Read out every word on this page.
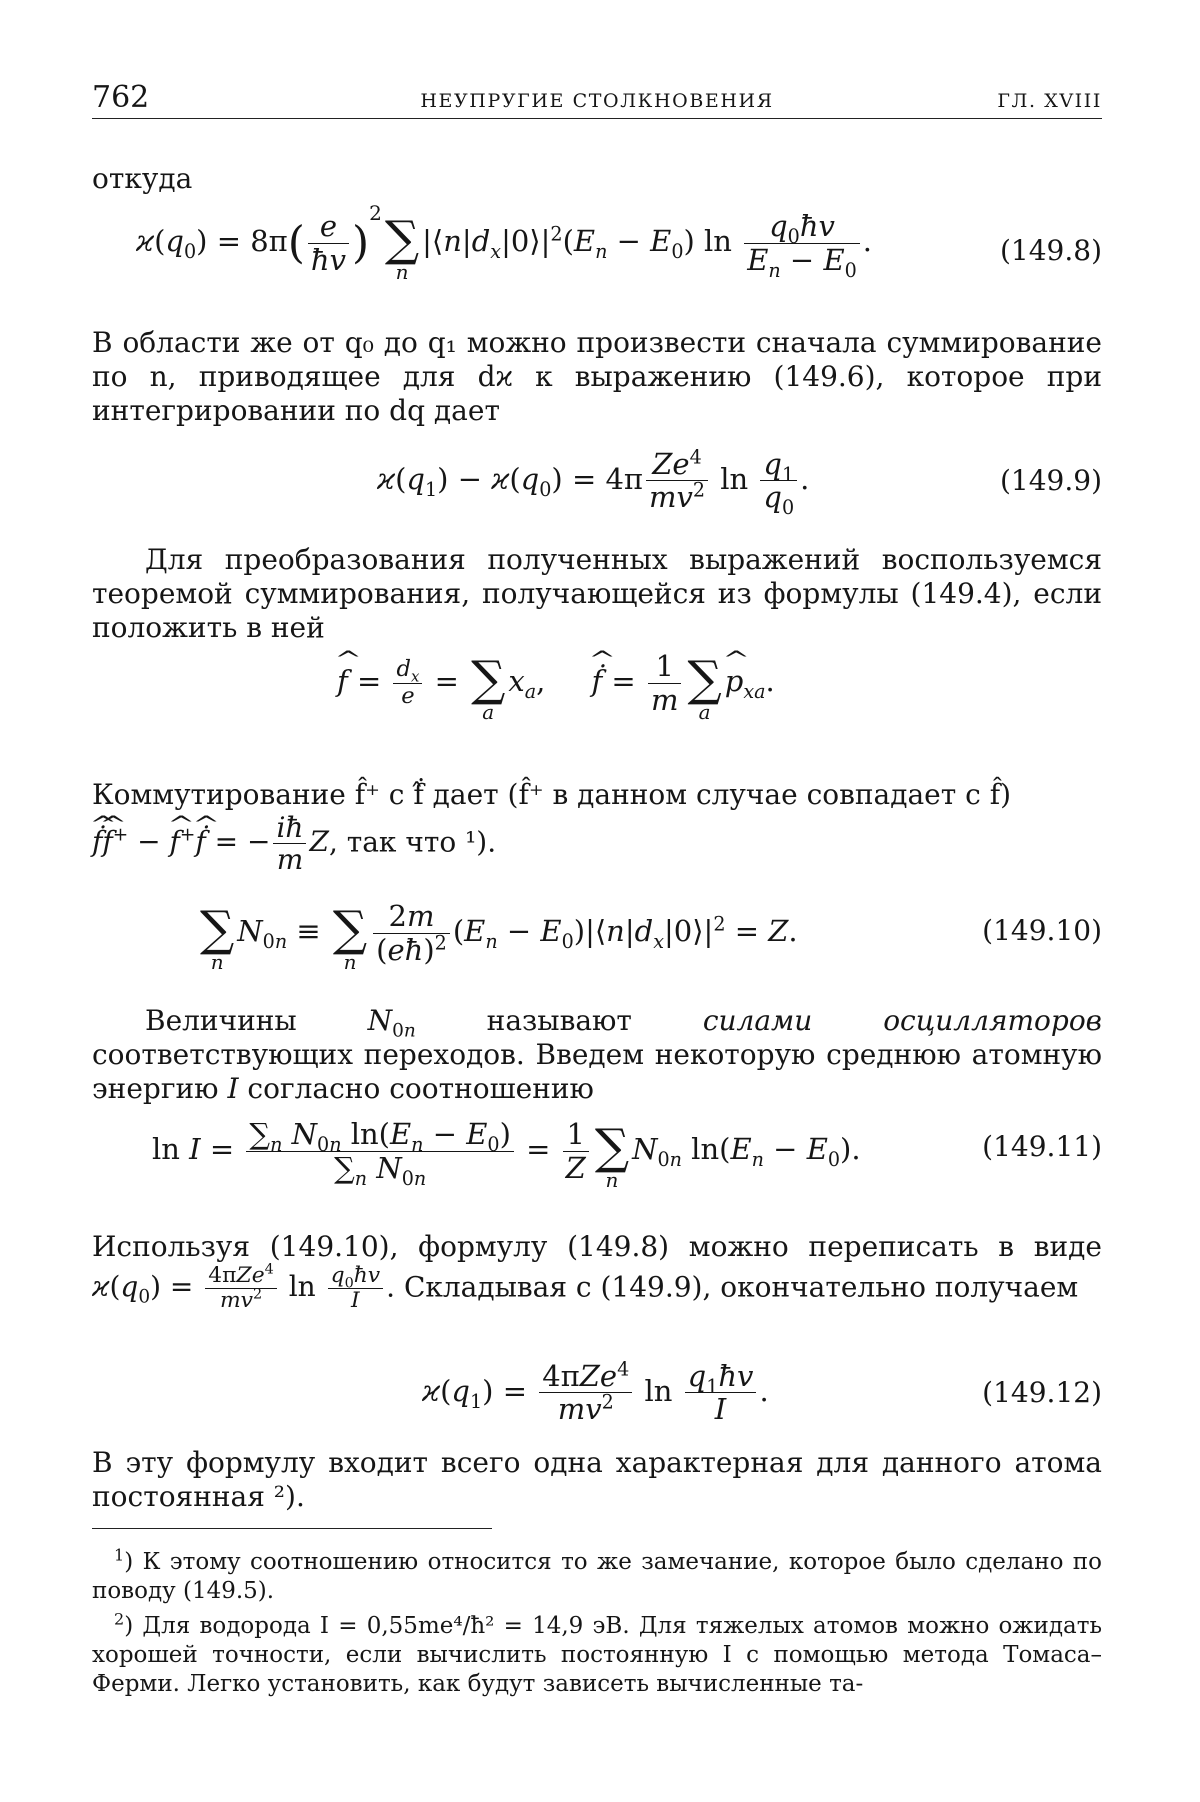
762	НЕУПРУГИЕ СТОЛКНОВЕНИЯ	ГЛ. XVIII
откуда
$ϰ(q_0) = 8\pi( \frac{e}{ħv} )^2$ ∑
n
$|⟨n|d_x|0⟩|^2(E_n - E_0)$ $\ln \frac{q_0ħv}{E_n - E_0}$ .	(149.8)
В области же от q₀ до q₁ можно произвести сначала суммирование по n, приводящее для dϰ к выражению (149.6), которое при интегрировании по dq дает
$ϰ(q_1) - ϰ(q_0) = 4\pi \frac{Ze^4}{mv^2}$ $\ln \frac{q_1}{q_0}$ .	(149.9)
Для преобразования полученных выражений воспользуемся теоремой суммирования, получающейся из формулы (149.4), если положить в ней
^ $f = \frac{d_x}{e}$ = ∑
a
$x_a$,     ^ ḟ = $\frac{1}{m}$ ∑
a
^ $p_{xa}$.
Коммутирование f̂⁺ с ḟ̂ дает (f̂⁺ в данном случае совпадает с f̂)
^ ḟ^ f+ − ^ f+^ ḟ = − $\frac{iħ}{m} Z$, так что ¹).
∑
n
$N_{0n}$ ≡ ∑
n $\frac{2m}{(eħ)^2} (E_n$ − $E_0)|⟨n|d_x|0⟩|^2 = Z$.	(149.10)
Величины $N_{0n}$ называют силами осцилляторов соответствующих переходов. Введем некоторую среднюю атомную энергию I согласно соотношению
$\ln I = \frac{\sum_n N_{0n} \ln(E_n - E_0)}{\sum_n N_{0n}} = \frac{1}{Z}$ ∑
n
$N_{0n}$ $\ln(E_n - E_0)$.	(149.11)
Используя (149.10), формулу (149.8) можно переписать в виде $ϰ(q_0) = \frac{4\pi Ze^4}{mv^2}$ $\ln \frac{q_0ħv}{I}$ . Складывая с (149.9), окончательно получаем
$ϰ(q_1) = \frac{4\pi Ze^4}{mv^2}$ $\ln \frac{q_1ħv}{I}$ .	(149.12)
В эту формулу входит всего одна характерная для данного атома постоянная ²).
$^1$) К этому соотношению относится то же замечание, которое было сделано по поводу (149.5).
$^2$) Для водорода I = 0,55me⁴/ħ² = 14,9 эВ. Для тяжелых атомов можно ожидать хорошей точности, если вычислить постоянную I с помощью метода Томаса–Ферми. Легко установить, как будут зависеть вычисленные та-
